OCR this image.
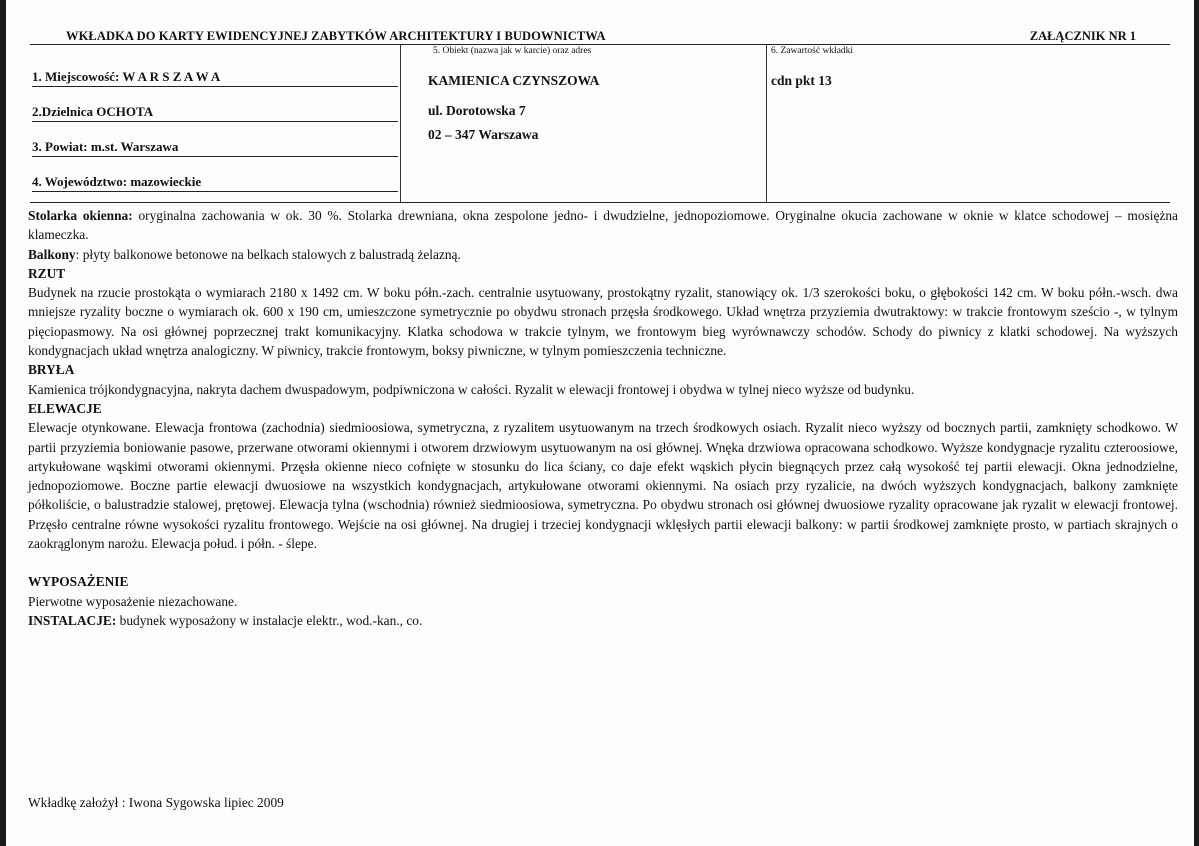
WKŁADKA DO KARTY EWIDENCYJNEJ ZABYTKÓW ARCHITEKTURY I BUDOWNICTWA	ZAŁĄCZNIK NR 1
1. Miejscowość: W A R S Z A W A
2.Dzielnica OCHOTA
3. Powiat: m.st. Warszawa
4. Województwo: mazowieckie
5. Obiekt (nazwa jak w karcie) oraz adres
KAMIENICA CZYNSZOWA
ul. Dorotowska 7
02 – 347 Warszawa
6. Zawartość wkładki
cdn pkt 13

Stolarka okienna: oryginalna zachowania w ok. 30 %. Stolarka drewniana, okna zespolone jedno- i dwudzielne, jednopoziomowe. Oryginalne okucia zachowane w oknie w klatce schodowej – mosiężna klameczka.

Balkony: płyty balkonowe betonowe na belkach stalowych z balustradą żelazną.

RZUT

Budynek na rzucie prostokąta o wymiarach 2180 x 1492 cm. W boku półn.-zach. centralnie usytuowany, prostokątny ryzalit, stanowiący ok. 1/3 szerokości boku, o głębokości 142 cm. W boku półn.-wsch. dwa mniejsze ryzality boczne o wymiarach ok. 600 x 190 cm, umieszczone symetrycznie po obydwu stronach przęsła środkowego. Układ wnętrza przyziemia dwutraktowy: w trakcie frontowym sześcio -, w tylnym pięciopasmowy. Na osi głównej poprzecznej trakt komunikacyjny. Klatka schodowa w trakcie tylnym, we frontowym bieg wyrównawczy schodów. Schody do piwnicy z klatki schodowej. Na wyższych kondygnacjach układ wnętrza analogiczny. W piwnicy, trakcie frontowym, boksy piwniczne, w tylnym pomieszczenia techniczne.

BRYŁA

Kamienica trójkondygnacyjna, nakryta dachem dwuspadowym, podpiwniczona w całości. Ryzalit w elewacji frontowej i obydwa w tylnej nieco wyższe od budynku.

ELEWACJE

Elewacje otynkowane. Elewacja frontowa (zachodnia) siedmioosiowa, symetryczna, z ryzalitem usytuowanym na trzech środkowych osiach. Ryzalit nieco wyższy od bocznych partii, zamknięty schodkowo. W partii przyziemia boniowanie pasowe, przerwane otworami okiennymi i otworem drzwiowym usytuowanym na osi głównej. Wnęka drzwiowa opracowana schodkowo. Wyższe kondygnacje ryzalitu czteroosiowe, artykułowane wąskimi otworami okiennymi. Przęsła okienne nieco cofnięte w stosunku do lica ściany, co daje efekt wąskich płycin biegnących przez całą wysokość tej partii elewacji. Okna jednodzielne, jednopoziomowe. Boczne partie elewacji dwuosiowe na wszystkich kondygnacjach, artykułowane otworami okiennymi. Na osiach przy ryzalicie, na dwóch wyższych kondygnacjach, balkony zamknięte półkoliście, o balustradzie stalowej, prętowej. Elewacja tylna (wschodnia) również siedmioosiowa, symetryczna. Po obydwu stronach osi głównej dwuosiowe ryzality opracowane jak ryzalit w elewacji frontowej. Przęsło centralne równe wysokości ryzalitu frontowego. Wejście na osi głównej. Na drugiej i trzeciej kondygnacji wklęsłych partii elewacji balkony: w partii środkowej zamknięte prosto, w partiach skrajnych o zaokrąglonym narożu. Elewacja połud. i półn. - ślepe.

WYPOSAŻENIE

Pierwotne wyposażenie niezachowane.

INSTALACJE: budynek wyposażony w instalacje elektr., wod.-kan., co.

Wkładkę założył : Iwona Sygowska lipiec 2009
